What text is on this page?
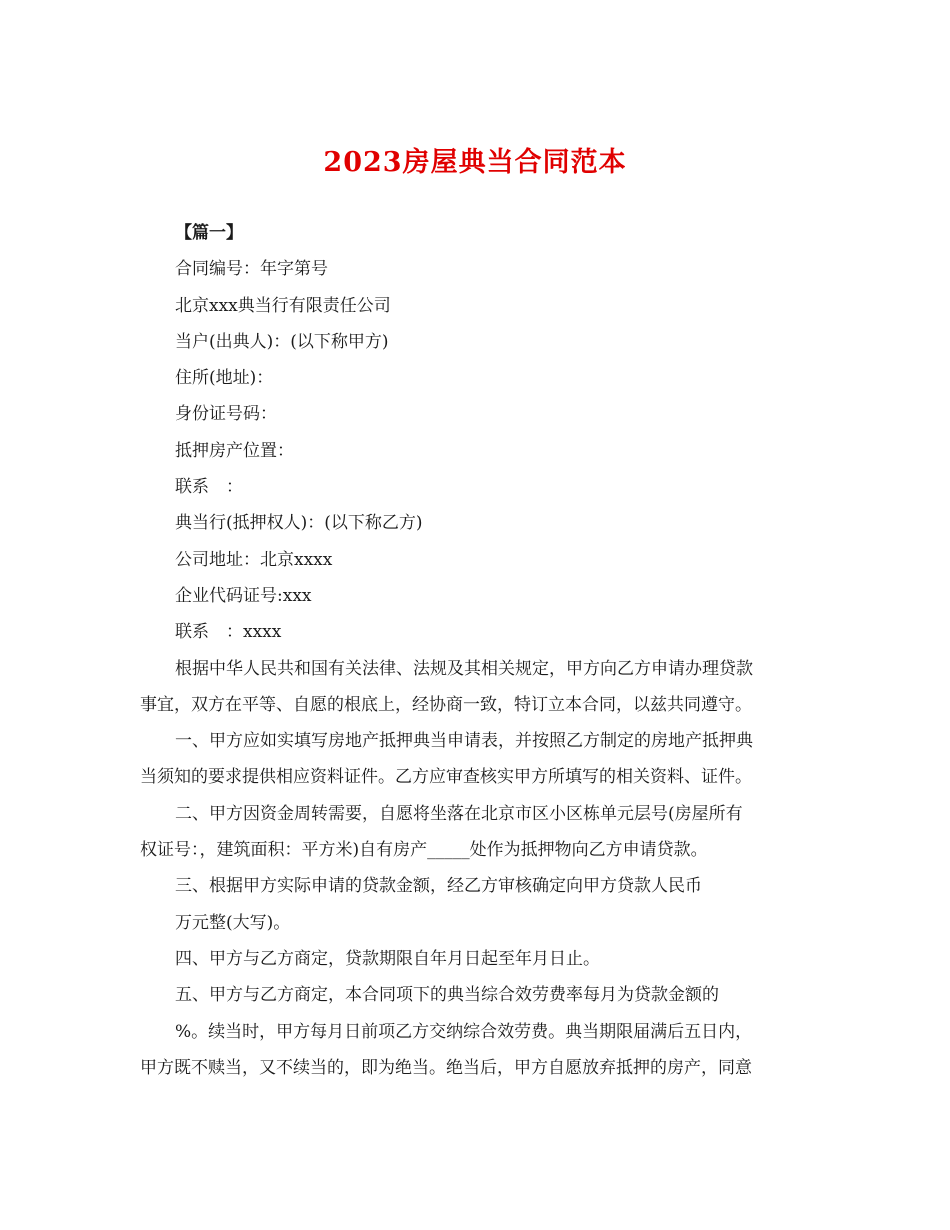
2023房屋典当合同范本

【篇一】

合同编号：年字第号

北京xxx典当行有限责任公司

当户(出典人)：(以下称甲方)

住所(地址)：

身份证号码：

抵押房产位置：

联系　：

典当行(抵押权人)：(以下称乙方)

公司地址：北京xxxx

企业代码证号:xxx

联系　：xxxx

根据中华人民共和国有关法律、法规及其相关规定，甲方向乙方申请办理贷款

事宜，双方在平等、自愿的根底上，经协商一致，特订立本合同，以兹共同遵守。

一、甲方应如实填写房地产抵押典当申请表，并按照乙方制定的房地产抵押典

当须知的要求提供相应资料证件。乙方应审查核实甲方所填写的相关资料、证件。

二、甲方因资金周转需要，自愿将坐落在北京市区小区栋单元层号(房屋所有

权证号：，建筑面积：平方米)自有房产_____处作为抵押物向乙方申请贷款。

三、根据甲方实际申请的贷款金额，经乙方审核确定向甲方贷款人民币

万元整(大写)。

四、甲方与乙方商定，贷款期限自年月日起至年月日止。

五、甲方与乙方商定，本合同项下的典当综合效劳费率每月为贷款金额的

%。续当时，甲方每月日前项乙方交纳综合效劳费。典当期限届满后五日内，

甲方既不赎当，又不续当的，即为绝当。绝当后，甲方自愿放弃抵押的房产，同意
